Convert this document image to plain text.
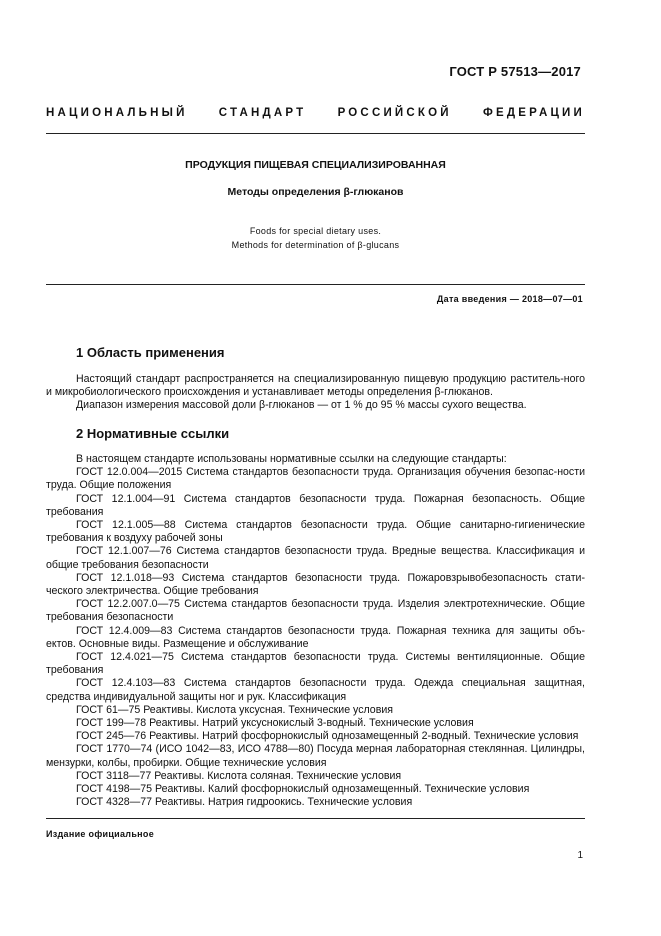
ГОСТ Р 57513—2017
НАЦИОНАЛЬНЫЙ СТАНДАРТ РОССИЙСКОЙ ФЕДЕРАЦИИ
ПРОДУКЦИЯ ПИЩЕВАЯ СПЕЦИАЛИЗИРОВАННАЯ
Методы определения β-глюканов
Foods for special dietary uses.
Methods for determination of β-glucans
Дата введения — 2018—07—01
1 Область применения

Настоящий стандарт распространяется на специализированную пищевую продукцию раститель-ного и микробиологического происхождения и устанавливает методы определения β-глюканов.

Диапазон измерения массовой доли β-глюканов — от 1 % до 95 % массы сухого вещества.

2 Нормативные ссылки

В настоящем стандарте использованы нормативные ссылки на следующие стандарты:

ГОСТ 12.0.004—2015 Система стандартов безопасности труда. Организация обучения безопас-ности труда. Общие положения

ГОСТ 12.1.004—91 Система стандартов безопасности труда. Пожарная безопасность. Общие требования

ГОСТ 12.1.005—88 Система стандартов безопасности труда. Общие санитарно-гигиенические требования к воздуху рабочей зоны

ГОСТ 12.1.007—76 Система стандартов безопасности труда. Вредные вещества. Классификация и общие требования безопасности

ГОСТ 12.1.018—93 Система стандартов безопасности труда. Пожаровзрывобезопасность стати-ческого электричества. Общие требования

ГОСТ 12.2.007.0—75 Система стандартов безопасности труда. Изделия электротехнические. Общие требования безопасности

ГОСТ 12.4.009—83 Система стандартов безопасности труда. Пожарная техника для защиты объ-ектов. Основные виды. Размещение и обслуживание

ГОСТ 12.4.021—75 Система стандартов безопасности труда. Системы вентиляционные. Общие требования

ГОСТ 12.4.103—83 Система стандартов безопасности труда. Одежда специальная защитная, средства индивидуальной защиты ног и рук. Классификация

ГОСТ 61—75 Реактивы. Кислота уксусная. Технические условия

ГОСТ 199—78 Реактивы. Натрий уксуснокислый 3-водный. Технические условия

ГОСТ 245—76 Реактивы. Натрий фосфорнокислый однозамещенный 2-водный. Технические условия

ГОСТ 1770—74 (ИСО 1042—83, ИСО 4788—80) Посуда мерная лабораторная стеклянная. Цилиндры, мензурки, колбы, пробирки. Общие технические условия

ГОСТ 3118—77 Реактивы. Кислота соляная. Технические условия

ГОСТ 4198—75 Реактивы. Калий фосфорнокислый однозамещенный. Технические условия

ГОСТ 4328—77 Реактивы. Натрия гидроокись. Технические условия

Издание официальное
1
